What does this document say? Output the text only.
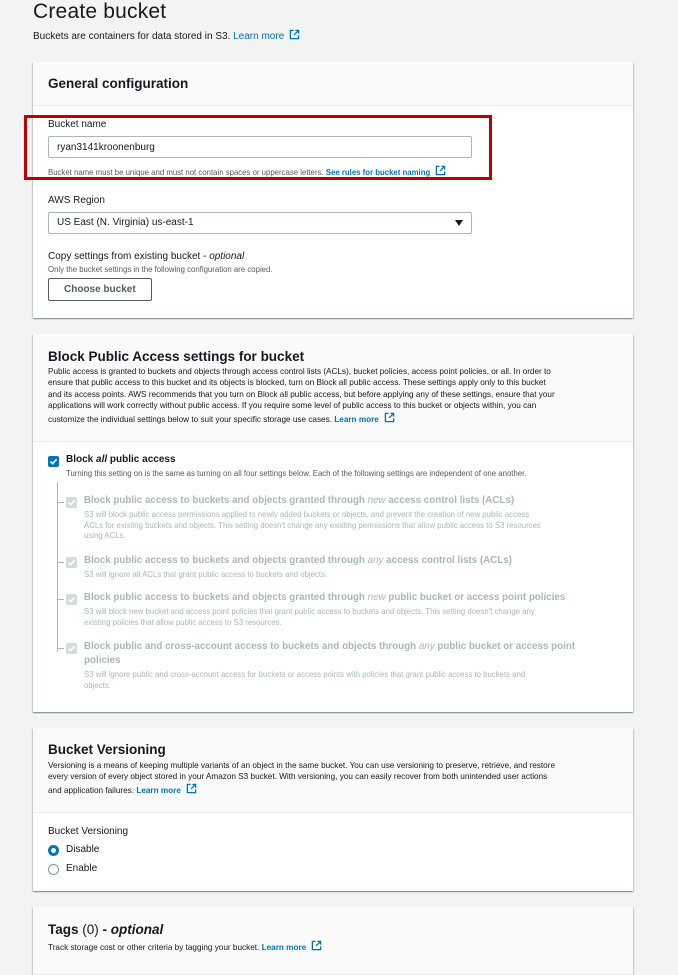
Create bucket
Buckets are containers for data stored in S3. Learn more
General configuration
Bucket name
ryan3141kroonenburg
Bucket name must be unique and must not contain spaces or uppercase letters. See rules for bucket naming
AWS Region
US East (N. Virginia) us-east-1
Copy settings from existing bucket - optional
Only the bucket settings in the following configuration are copied.
Choose bucket
Block Public Access settings for bucket
Public access is granted to buckets and objects through access control lists (ACLs), bucket policies, access point policies, or all. In order to
ensure that public access to this bucket and its objects is blocked, turn on Block all public access. These settings apply only to this bucket
and its access points. AWS recommends that you turn on Block all public access, but before applying any of these settings, ensure that your
applications will work correctly without public access. If you require some level of public access to this bucket or objects within, you can
customize the individual settings below to suit your specific storage use cases. Learn more
Block all public access
Turning this setting on is the same as turning on all four settings below. Each of the following settings are independent of one another.
Block public access to buckets and objects granted through new access control lists (ACLs)
S3 will block public access permissions applied to newly added buckets or objects, and prevent the creation of new public access
ACLs for existing buckets and objects. This setting doesn't change any existing permissions that allow public access to S3 resources
using ACLs.
Block public access to buckets and objects granted through any access control lists (ACLs)
S3 will ignore all ACLs that grant public access to buckets and objects.
Block public access to buckets and objects granted through new public bucket or access point policies
S3 will block new bucket and access point policies that grant public access to buckets and objects. This setting doesn't change any
existing policies that allow public access to S3 resources.
Block public and cross-account access to buckets and objects through any public bucket or access point
policies
S3 will ignore public and cross-account access for buckets or access points with policies that grant public access to buckets and
objects.
Bucket Versioning
Versioning is a means of keeping multiple variants of an object in the same bucket. You can use versioning to preserve, retrieve, and restore
every version of every object stored in your Amazon S3 bucket. With versioning, you can easily recover from both unintended user actions
and application failures. Learn more
Bucket Versioning
Disable
Enable
Tags (0) - optional
Track storage cost or other criteria by tagging your bucket. Learn more
